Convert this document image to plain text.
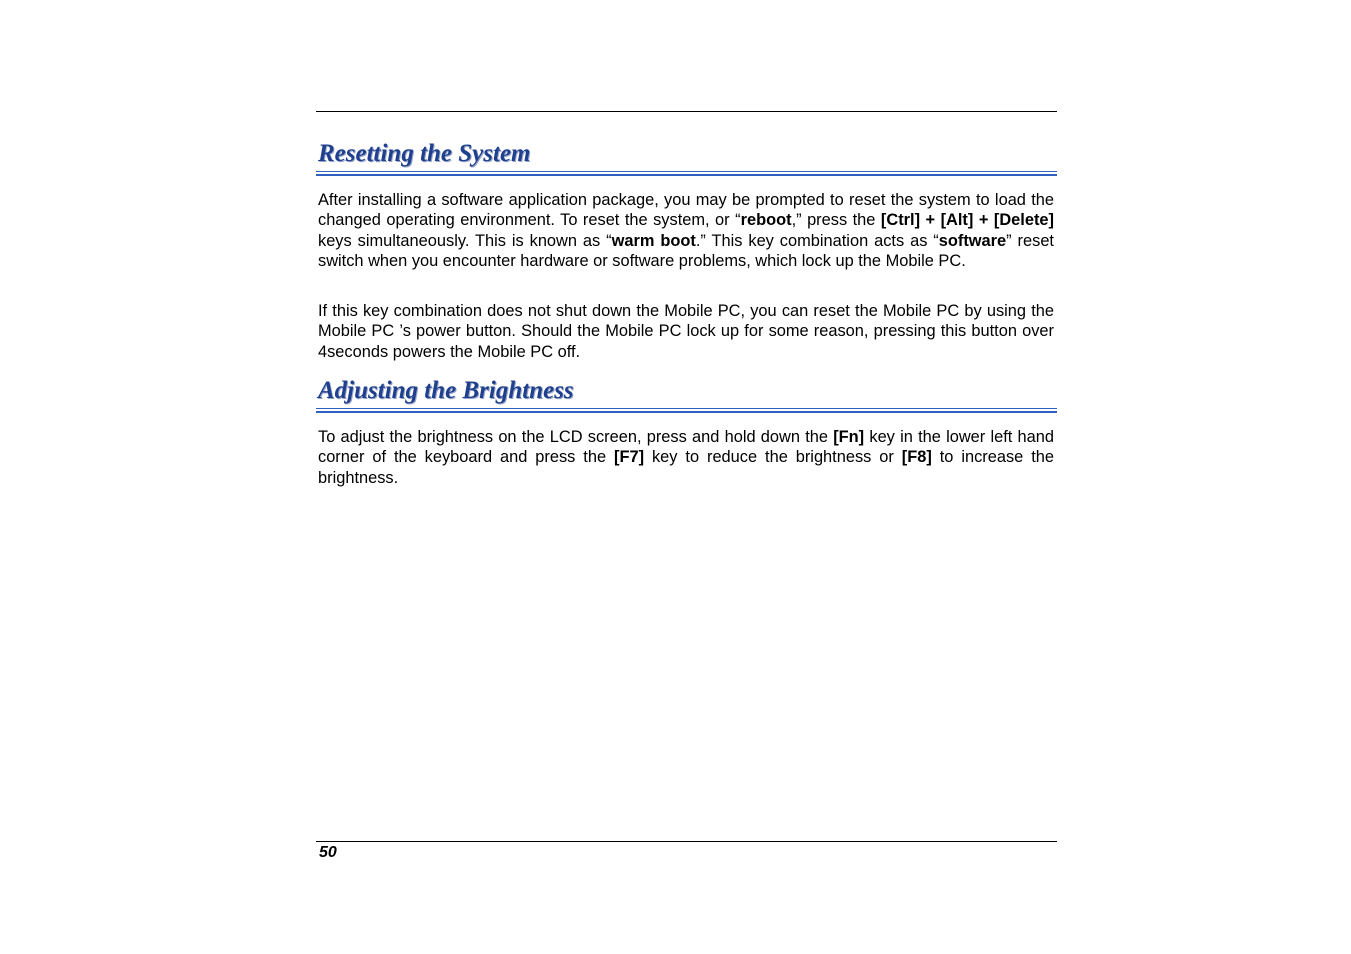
Resetting the System

After installing a software application package, you may be prompted to reset the system to load the changed operating environment. To reset the system, or “reboot,” press the [Ctrl] + [Alt] + [Delete] keys simultaneously. This is known as “warm boot.” This key combination acts as “software” reset switch when you encounter hardware or software problems, which lock up the Mobile PC.

If this key combination does not shut down the Mobile PC, you can reset the Mobile PC by using the Mobile PC ’s power button. Should the Mobile PC lock up for some reason, pressing this button over 4seconds powers the Mobile PC off.

Adjusting the Brightness

To adjust the brightness on the LCD screen, press and hold down the [Fn] key in the lower left hand corner of the keyboard and press the [F7] key to reduce the brightness or [F8] to increase the brightness.

50
